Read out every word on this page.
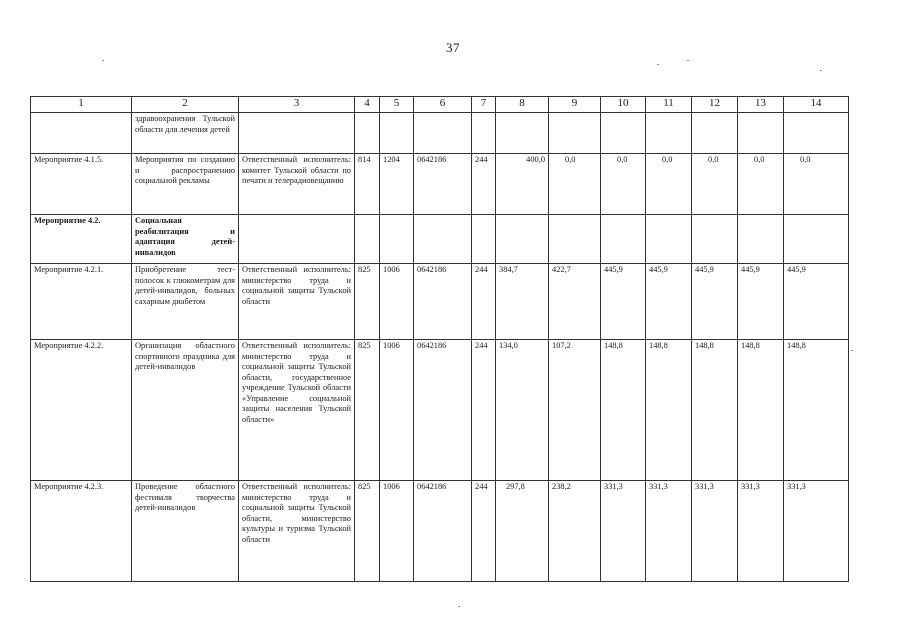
37
1	2	3	4	5	6	7	8	9	10	11	12	13	14
	здравоохранения Тульской области для лечения детей												
Мероприятие 4.1.5.	Мероприятия по созданию и распространению социальной рекламы	Ответственный исполнитель: комитет Тульской области по печати и телерадиовещанию	814	1204	0642186	244	400,0	0,0	0,0	0,0	0,0	0,0	0,0
Мероприятие 4.2.	Социальная реабилитация и адаптация детей-инвалидов												
Мероприятие 4.2.1.	Приобретение тест-полосок к глюкометрам для детей-инвалидов, больных сахарным диабетом	Ответственный исполнитель: министерство труда и социальной защиты Тульской области	825	1006	0642186	244	384,7	422,7	445,9	445,9	445,9	445,9	445,9
Мероприятие 4.2.2.	Организация областного спортивного праздника для детей-инвалидов	Ответственный исполнитель: министерство труда и социальной защиты Тульской области, государственное учреждение Тульской области «Управление социальной защиты населения Тульской области»	825	1006	0642186	244	134,0	107,2	148,8	148,8	148,8	148,8	148,8
Мероприятие 4.2.3.	Проведение областного фестиваля творчества детей-инвалидов	Ответственный исполнитель: министерство труда и социальной защиты Тульской области, министерство культуры и туризма Тульской области	825	1006	0642186	244	297,8	238,2	331,3	331,3	331,3	331,3	331,3
